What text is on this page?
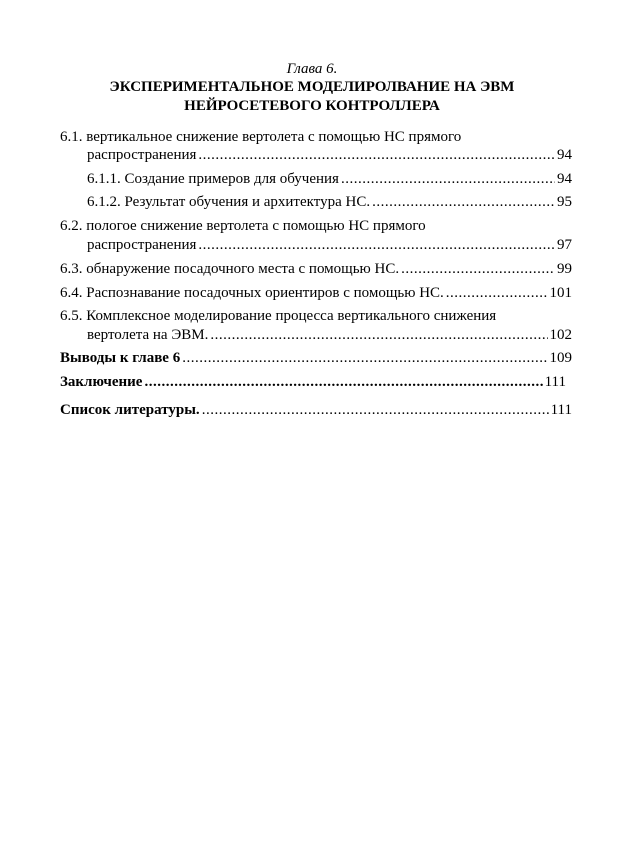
Глава 6.
ЭКСПЕРИМЕНТАЛЬНОЕ МОДЕЛИРОЛВАНИЕ НА ЭВМ
НЕЙРОСЕТЕВОГО КОНТРОЛЛЕРА
6.1. вертикальное снижение вертолета с помощью НС прямого
распространения .....	94
6.1.1. Создание примеров для обучения .....	94
6.1.2. Результат обучения и архитектура НС. .....	95
6.2. пологое снижение вертолета с помощью НС прямого
распространения .....	97
6.3. обнаружение посадочного места с помощью НС. .....	99
6.4. Распознавание посадочных ориентиров с помощью НС. .....	101
6.5. Комплексное моделирование процесса вертикального снижения
вертолета на ЭВМ. .....	102
Выводы к главе 6 .....	109
Заключение .....	111
Список литературы. .....	111
